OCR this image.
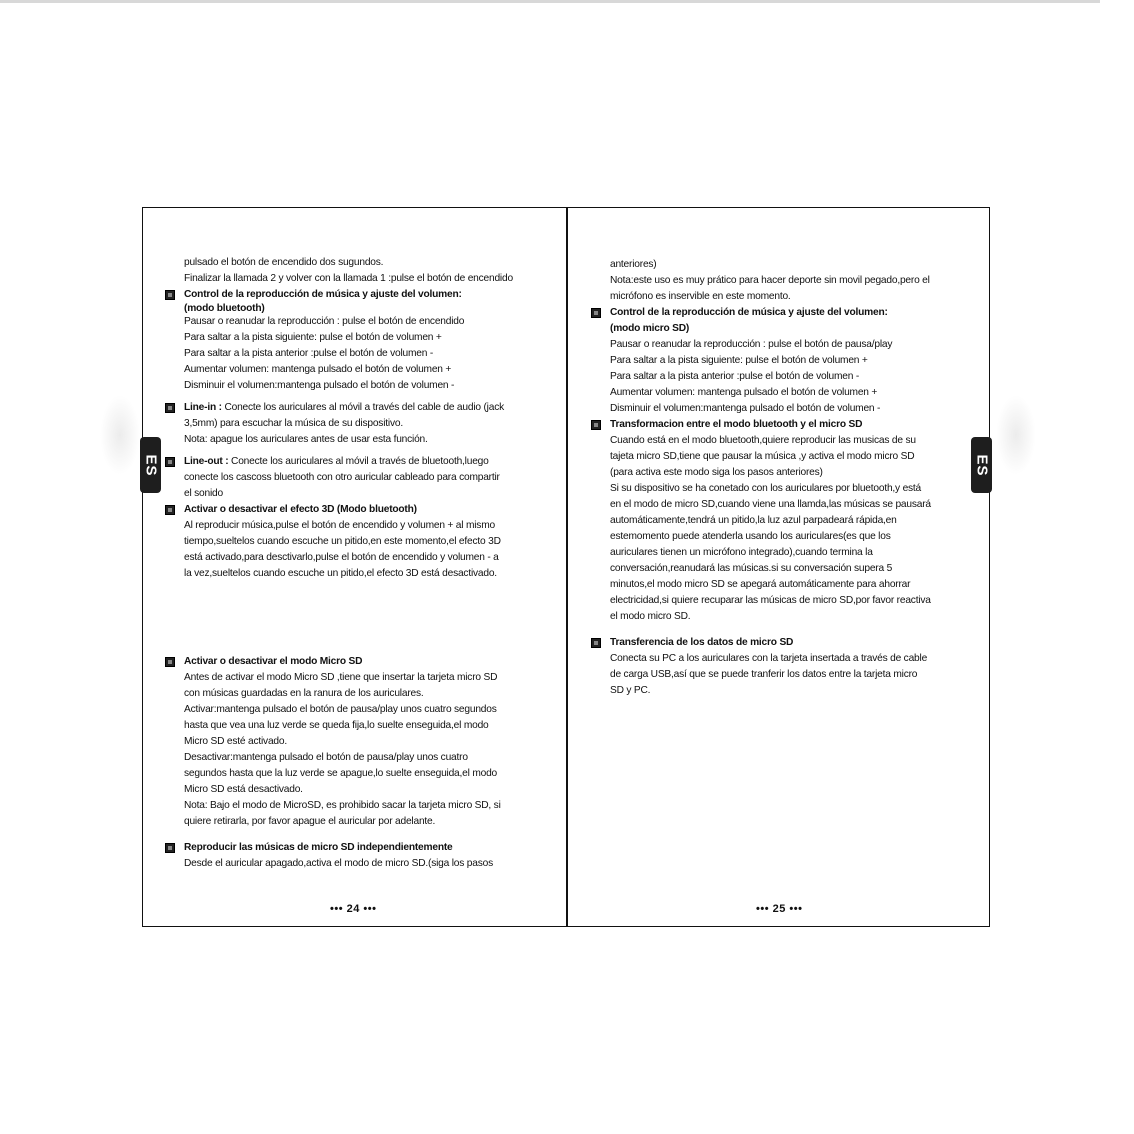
ES	ES
pulsado el botón de encendido dos sugundos.
Finalizar la llamada 2 y volver con la llamada 1 :pulse el botón de encendido
Control de la reproducción de música y ajuste del volumen:
(modo bluetooth)
Pausar o reanudar la reproducción : pulse el botón de encendido
Para saltar a la pista siguiente: pulse el botón de volumen +
Para saltar a la pista anterior :pulse el botón de volumen -
Aumentar volumen: mantenga pulsado el botón de volumen +
Disminuir el volumen:mantenga pulsado el botón de volumen -
Line-in : Conecte los auriculares al móvil a través del cable de audio (jack
3,5mm) para escuchar la música de su dispositivo.
Nota: apague los auriculares antes de usar esta función.
Line-out : Conecte los auriculares al móvil a través de bluetooth,luego
conecte los cascoss bluetooth con otro auricular cableado para compartir
el sonido
Activar o desactivar el efecto 3D (Modo bluetooth)
Al reproducir música,pulse el botón de encendido y volumen + al mismo
tiempo,sueltelos cuando escuche un pitido,en este momento,el efecto 3D
está activado,para desctivarlo,pulse el botón de encendido y volumen - a
la vez,sueltelos cuando escuche un pitido,el efecto 3D está desactivado.
Activar o desactivar el modo Micro SD
Antes de activar el modo Micro SD ,tiene que insertar la tarjeta micro SD
con músicas guardadas en la ranura de los auriculares.
Activar:mantenga pulsado el botón de pausa/play unos cuatro segundos
hasta que vea una luz verde se queda fija,lo suelte enseguida,el modo
Micro SD esté activado.
Desactivar:mantenga pulsado el botón de pausa/play unos cuatro
segundos hasta que la luz verde se apague,lo suelte enseguida,el modo
Micro SD está desactivado.
Nota: Bajo el modo de MicroSD, es prohibido sacar la tarjeta micro SD, si
quiere retirarla, por favor apague el auricular por adelante.
Reproducir las músicas de micro SD independientemente
Desde el auricular apagado,activa el modo de micro SD.(siga los pasos
anteriores)
Nota:este uso es muy prático para hacer deporte sin movil pegado,pero el
micrófono es inservible en este momento.
Control de la reproducción de música y ajuste del volumen:
(modo micro SD)
Pausar o reanudar la reproducción : pulse el botón de pausa/play
Para saltar a la pista siguiente: pulse el botón de volumen +
Para saltar a la pista anterior :pulse el botón de volumen -
Aumentar volumen: mantenga pulsado el botón de volumen +
Disminuir el volumen:mantenga pulsado el botón de volumen -
Transformacion entre el modo bluetooth y el micro SD
Cuando está en el modo bluetooth,quiere reproducir las musicas de su
tajeta micro SD,tiene que pausar la música ,y activa el modo micro SD
(para activa este modo siga los pasos anteriores)
Si su dispositivo se ha conetado con los auriculares por bluetooth,y está
en el modo de micro SD,cuando viene una llamda,las músicas se pausará
automáticamente,tendrá un pitido,la luz azul parpadeará rápida,en
estemomento puede atenderla usando los auriculares(es que los
auriculares tienen un micrófono integrado),cuando termina la
conversación,reanudará las músicas.si su conversación supera 5
minutos,el modo micro SD se apegará automáticamente para ahorrar
electricidad,si quiere recuparar las músicas de micro SD,por favor reactiva
el modo micro SD.
Transferencia de los datos de micro SD
Conecta su PC a los auriculares con la tarjeta insertada a través de cable
de carga USB,así que se puede tranferir los datos entre la tarjeta micro
SD y PC.
••• 24 •••	••• 25 •••
